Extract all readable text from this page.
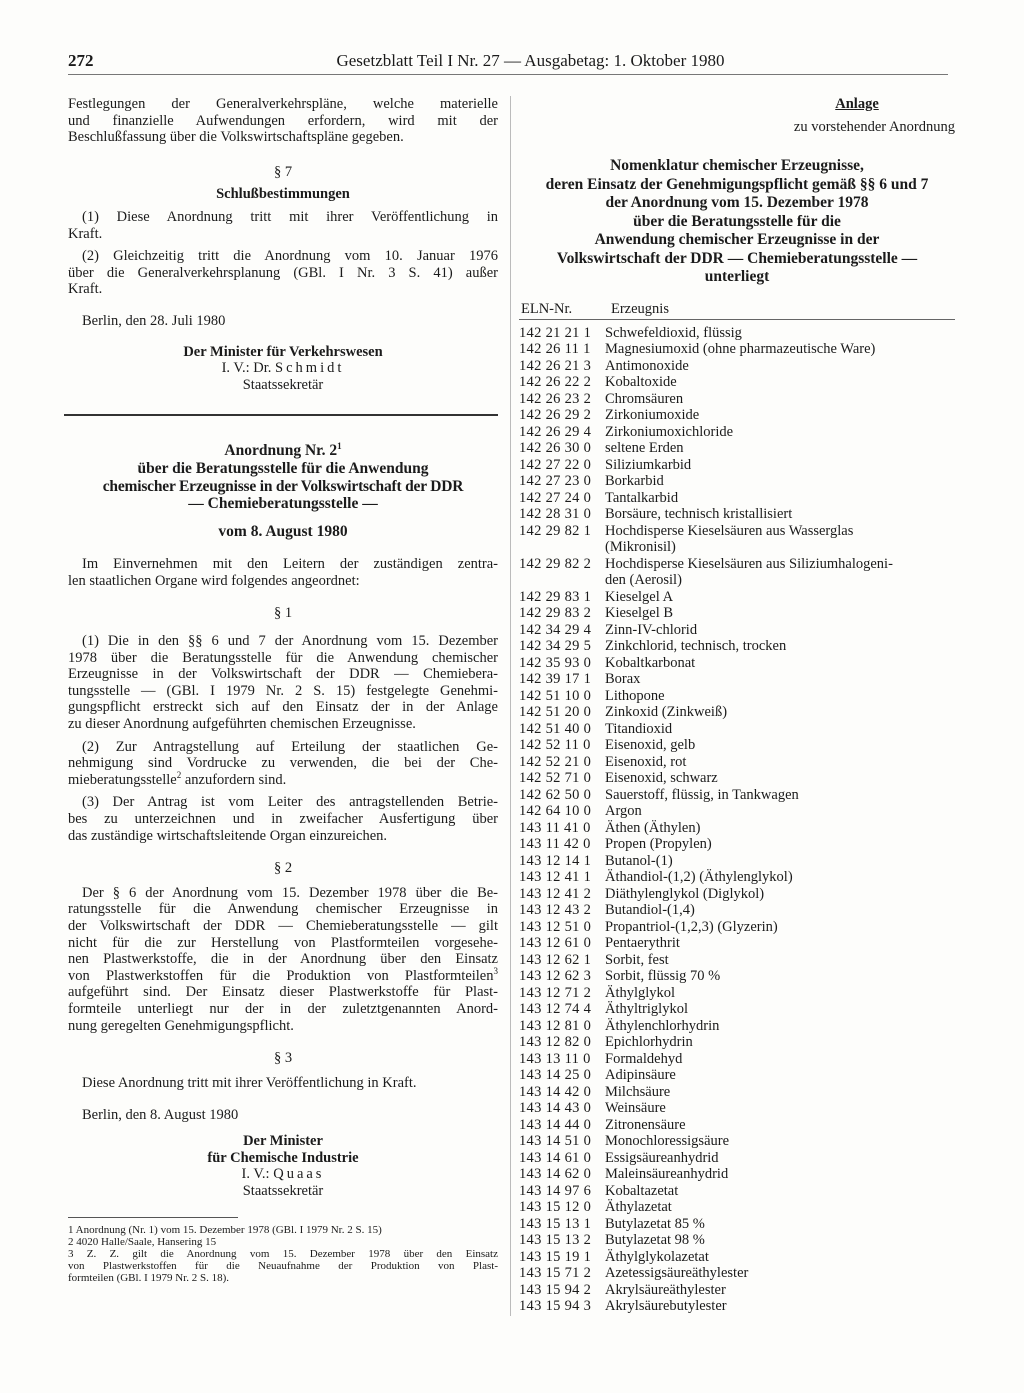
272	Gesetzblatt Teil I Nr. 27 — Ausgabetag: 1. Oktober 1980

Festlegungen der Generalverkehrspläne, welche materielle

und finanzielle Aufwendungen erfordern, wird mit der

Beschlußfassung über die Volkswirtschaftspläne gegeben.

§ 7

Schlußbestimmungen

(1) Diese Anordnung tritt mit ihrer Veröffentlichung in

Kraft.

(2) Gleichzeitig tritt die Anordnung vom 10. Januar 1976

über die Generalverkehrsplanung (GBl. I Nr. 3 S. 41) außer

Kraft.

Berlin, den 28. Juli 1980

Der Minister für Verkehrswesen

I. V.: Dr. Schmidt

Staatssekretär

Anordnung Nr. $2^1$

über die Beratungsstelle für die Anwendung

chemischer Erzeugnisse in der Volkswirtschaft der DDR

— Chemieberatungsstelle —

vom 8. August 1980

Im Einvernehmen mit den Leitern der zuständigen zentra-

len staatlichen Organe wird folgendes angeordnet:

§ 1

(1) Die in den §§ 6 und 7 der Anordnung vom 15. Dezember

1978 über die Beratungsstelle für die Anwendung chemischer

Erzeugnisse in der Volkswirtschaft der DDR — Chemiebera-

tungsstelle — (GBl. I 1979 Nr. 2 S. 15) festgelegte Genehmi-

gungspflicht erstreckt sich auf den Einsatz der in der Anlage

zu dieser Anordnung aufgeführten chemischen Erzeugnisse.

(2) Zur Antragstellung auf Erteilung der staatlichen Ge-

nehmigung sind Vordrucke zu verwenden, die bei der Che-

mieberatungsstelle$^2$ anzufordern sind.

(3) Der Antrag ist vom Leiter des antragstellenden Betrie-

bes zu unterzeichnen und in zweifacher Ausfertigung über

das zuständige wirtschaftsleitende Organ einzureichen.

§ 2

Der § 6 der Anordnung vom 15. Dezember 1978 über die Be-

ratungsstelle für die Anwendung chemischer Erzeugnisse in

der Volkswirtschaft der DDR — Chemieberatungsstelle — gilt

nicht für die zur Herstellung von Plastformteilen vorgesehe-

nen Plastwerkstoffe, die in der Anordnung über den Einsatz

von Plastwerkstoffen für die Produktion von Plastformteilen$^3$

aufgeführt sind. Der Einsatz dieser Plastwerkstoffe für Plast-

formteile unterliegt nur der in der zuletztgenannten Anord-

nung geregelten Genehmigungspflicht.

§ 3

Diese Anordnung tritt mit ihrer Veröffentlichung in Kraft.

Berlin, den 8. August 1980

Der Minister

für Chemische Industrie

I. V.: Quaas

Staatssekretär

1 Anordnung (Nr. 1) vom 15. Dezember 1978 (GBl. I 1979 Nr. 2 S. 15)

2 4020 Halle/Saale, Hansering 15

3 Z. Z. gilt die Anordnung vom 15. Dezember 1978 über den Einsatz

von Plastwerkstoffen für die Neuaufnahme der Produktion von Plast-

formteilen (GBl. I 1979 Nr. 2 S. 18).

Anlage

zu vorstehender Anordnung

Nomenklatur chemischer Erzeugnisse,
deren Einsatz der Genehmigungspflicht gemäß §§ 6 und 7
der Anordnung vom 15. Dezember 1978
über die Beratungsstelle für die
Anwendung chemischer Erzeugnisse in der
Volkswirtschaft der DDR — Chemieberatungsstelle —
unterliegt
ELN-Nr.	Erzeugnis
142 21 21 1 Schwefeldioxid, flüssig
142 26 11 1 Magnesiumoxid (ohne pharmazeutische Ware)
142 26 21 3 Antimonoxide
142 26 22 2 Kobaltoxide
142 26 23 2 Chromsäuren
142 26 29 2 Zirkoniumoxide
142 26 29 4 Zirkoniumoxichloride
142 26 30 0 seltene Erden
142 27 22 0 Siliziumkarbid
142 27 23 0 Borkarbid
142 27 24 0 Tantalkarbid
142 28 31 0 Borsäure, technisch kristallisiert
142 29 82 1 Hochdisperse Kieselsäuren aus Wasserglas
(Mikronisil)
142 29 82 2 Hochdisperse Kieselsäuren aus Siliziumhalogeni-
den (Aerosil)
142 29 83 1 Kieselgel A
142 29 83 2 Kieselgel B
142 34 29 4 Zinn-IV-chlorid
142 34 29 5 Zinkchlorid, technisch, trocken
142 35 93 0 Kobaltkarbonat
142 39 17 1 Borax
142 51 10 0 Lithopone
142 51 20 0 Zinkoxid (Zinkweiß)
142 51 40 0 Titandioxid
142 52 11 0 Eisenoxid, gelb
142 52 21 0 Eisenoxid, rot
142 52 71 0 Eisenoxid, schwarz
142 62 50 0 Sauerstoff, flüssig, in Tankwagen
142 64 10 0 Argon
143 11 41 0 Äthen (Äthylen)
143 11 42 0 Propen (Propylen)
143 12 14 1 Butanol-(1)
143 12 41 1 Äthandiol-(1,2) (Äthylenglykol)
143 12 41 2 Diäthylenglykol (Diglykol)
143 12 43 2 Butandiol-(1,4)
143 12 51 0 Propantriol-(1,2,3) (Glyzerin)
143 12 61 0 Pentaerythrit
143 12 62 1 Sorbit, fest
143 12 62 3 Sorbit, flüssig 70 %
143 12 71 2 Äthylglykol
143 12 74 4 Äthyltriglykol
143 12 81 0 Äthylenchlorhydrin
143 12 82 0 Epichlorhydrin
143 13 11 0 Formaldehyd
143 14 25 0 Adipinsäure
143 14 42 0 Milchsäure
143 14 43 0 Weinsäure
143 14 44 0 Zitronensäure
143 14 51 0 Monochloressigsäure
143 14 61 0 Essigsäureanhydrid
143 14 62 0 Maleinsäureanhydrid
143 14 97 6 Kobaltazetat
143 15 12 0 Äthylazetat
143 15 13 1 Butylazetat 85 %
143 15 13 2 Butylazetat 98 %
143 15 19 1 Äthylglykolazetat
143 15 71 2 Azetessigsäureäthylester
143 15 94 2 Akrylsäureäthylester
143 15 94 3 Akrylsäurebutylester
